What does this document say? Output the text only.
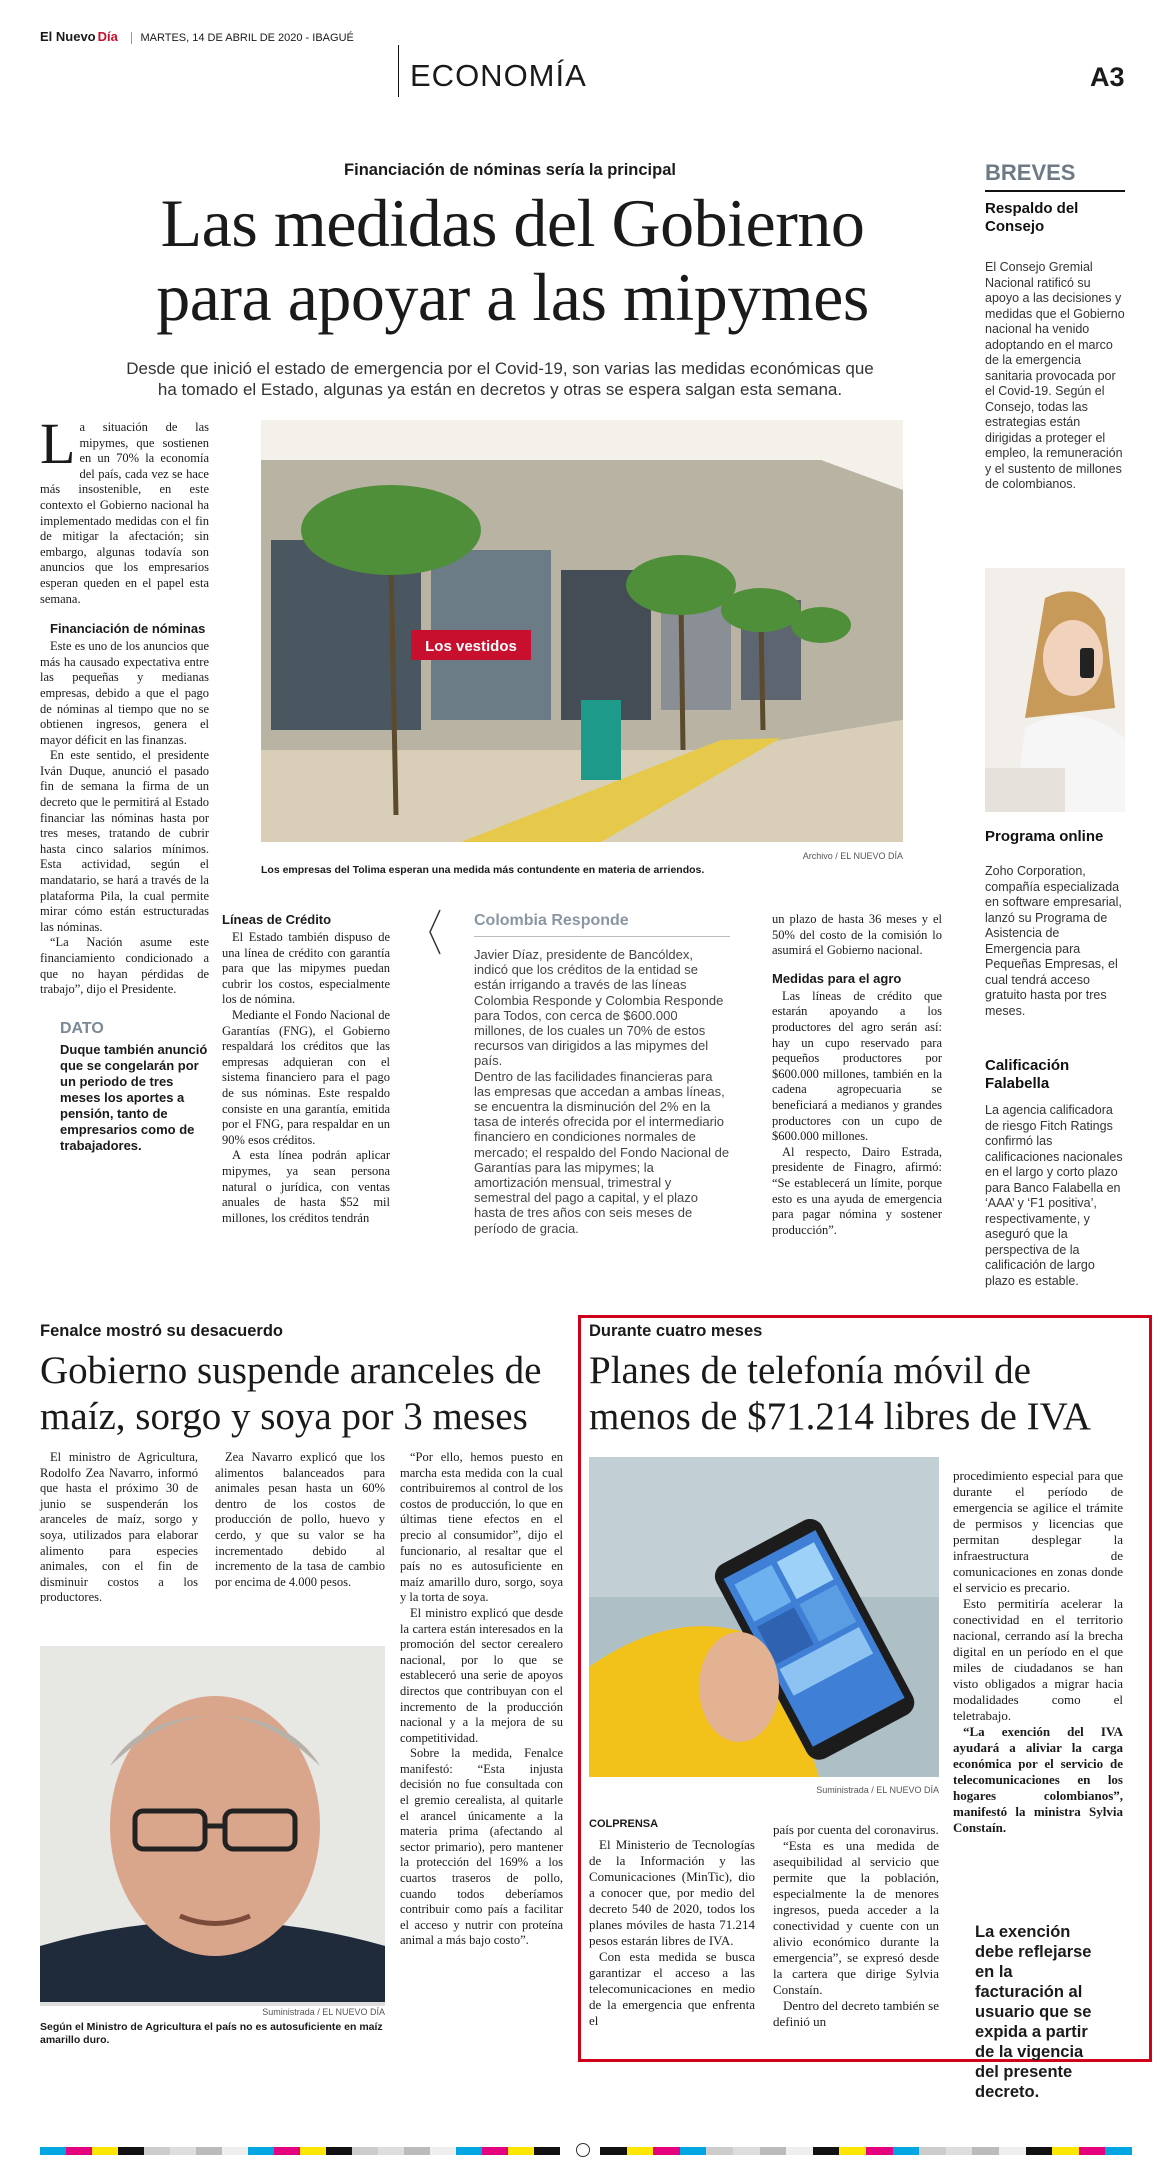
El Nuevo Día MARTES, 14 DE ABRIL DE 2020 - IBAGUÉ
ECONOMÍA	A3
Financiación de nóminas sería la principal
Las medidas del Gobierno
para apoyar a las mipymes
Desde que inició el estado de emergencia por el Covid-19, son varias las medidas económicas que ha tomado el Estado, algunas ya están en decretos y otras se espera salgan esta semana.
L a situación de las mipymes, que sostienen en un 70% la economía del país, cada vez se hace más insostenible, en este contexto el Gobierno nacional ha implementado medidas con el fin de mitigar la afectación; sin embargo, algunas todavía son anuncios que los empresarios esperan queden en el papel esta semana.

Financiación de nóminas

Este es uno de los anuncios que más ha causado expectativa entre las pequeñas y medianas empresas, debido a que el pago de nóminas al tiempo que no se obtienen ingresos, genera el mayor déficit en las finanzas.

En este sentido, el presidente Iván Duque, anunció el pasado fin de semana la firma de un decreto que le permitirá al Estado financiar las nóminas hasta por tres meses, tratando de cubrir hasta cinco salarios mínimos. Esta actividad, según el mandatario, se hará a través de la plataforma Pila, la cual permite mirar cómo están estructuradas las nóminas.

“La Nación asume este financiamiento condicionado a que no hayan pérdidas de trabajo”, dijo el Presidente.

DATO
Duque también anunció que se congelarán por un periodo de tres meses los aportes a pensión, tanto de empresarios como de trabajadores.
Los vestidos
Los empresas del Tolima esperan una medida más contundente en materia de arriendos.
Archivo / EL NUEVO DÍA
Líneas de Crédito

El Estado también dispuso de una línea de crédito con garantía para que las mipymes puedan cubrir los costos, especialmente los de nómina.

Mediante el Fondo Nacional de Garantías (FNG), el Gobierno respaldará los créditos que las empresas adquieran con el sistema financiero para el pago de sus nóminas. Este respaldo consiste en una garantía, emitida por el FNG, para respaldar en un 90% esos créditos.

A esta línea podrán aplicar mipymes, ya sean persona natural o jurídica, con ventas anuales de hasta $52 mil millones, los créditos tendrán

Colombia Responde
Javier Díaz, presidente de Bancóldex, indicó que los créditos de la entidad se están irrigando a través de las líneas Colombia Responde y Colombia Responde para Todos, con cerca de $600.000 millones, de los cuales un 70% de estos recursos van dirigidos a las mipymes del país.
Dentro de las facilidades financieras para las empresas que accedan a ambas líneas, se encuentra la disminución del 2% en la tasa de interés ofrecida por el intermediario financiero en condiciones normales de mercado; el respaldo del Fondo Nacional de Garantías para las mipymes; la amortización mensual, trimestral y semestral del pago a capital, y el plazo hasta de tres años con seis meses de período de gracia.

un plazo de hasta 36 meses y el 50% del costo de la comisión lo asumirá el Gobierno nacional.

Medidas para el agro

Las líneas de crédito que estarán apoyando a los productores del agro serán así: hay un cupo reservado para pequeños productores por $600.000 millones, también en la cadena agropecuaria se beneficiará a medianos y grandes productores con un cupo de $600.000 millones.

Al respecto, Dairo Estrada, presidente de Finagro, afirmó: “Se establecerá un límite, porque esto es una ayuda de emergencia para pagar nómina y sostener producción”.

BREVES
Respaldo del Consejo
El Consejo Gremial Nacional ratificó su apoyo a las decisiones y medidas que el Gobierno nacional ha venido adoptando en el marco de la emergencia sanitaria provocada por el Covid-19. Según el Consejo, todas las estrategias están dirigidas a proteger el empleo, la remuneración y el sustento de millones de colombianos.
Programa online
Zoho Corporation, compañía especializada en software empresarial, lanzó su Programa de Asistencia de Emergencia para Pequeñas Empresas, el cual tendrá acceso gratuito hasta por tres meses.
Calificación Falabella
La agencia calificadora de riesgo Fitch Ratings confirmó las calificaciones nacionales en el largo y corto plazo para Banco Falabella en ‘AAA’ y ‘F1 positiva’, respectivamente, y aseguró que la perspectiva de la calificación de largo plazo es estable.
Fenalce mostró su desacuerdo
Gobierno suspende aranceles de maíz, sorgo y soya por 3 meses

El ministro de Agricultura, Rodolfo Zea Navarro, informó que hasta el próximo 30 de junio se suspenderán los aranceles de maíz, sorgo y soya, utilizados para elaborar alimento para especies animales, con el fin de disminuir costos a los productores.

Zea Navarro explicó que los alimentos balanceados para animales pesan hasta un 60% dentro de los costos de producción de pollo, huevo y cerdo, y que su valor se ha incrementado debido al incremento de la tasa de cambio por encima de 4.000 pesos.

“Por ello, hemos puesto en marcha esta medida con la cual contribuiremos al control de los costos de producción, lo que en últimas tiene efectos en el precio al consumidor”, dijo el funcionario, al resaltar que el país no es autosuficiente en maíz amarillo duro, sorgo, soya y la torta de soya.

El ministro explicó que desde la cartera están interesados en la promoción del sector cerealero nacional, por lo que se estableceró una serie de apoyos directos que contribuyan con el incremento de la producción nacional y a la mejora de su competitividad.

Sobre la medida, Fenalce manifestó: “Esta injusta decisión no fue consultada con el gremio cerealista, al quitarle el arancel únicamente a la materia prima (afectando al sector primario), pero mantener la protección del 169% a los cuartos traseros de pollo, cuando todos deberíamos contribuir como país a facilitar el acceso y nutrir con proteína animal a más bajo costo”.

Suministrada / EL NUEVO DÍA
Según el Ministro de Agricultura el país no es autosuficiente en maíz amarillo duro.
Durante cuatro meses
Planes de telefonía móvil de menos de $71.214 libres de IVA
Suministrada / EL NUEVO DÍA
COLPRENSA

El Ministerio de Tecnologías de la Información y las Comunicaciones (MinTic), dio a conocer que, por medio del decreto 540 de 2020, todos los planes móviles de hasta 71.214 pesos estarán libres de IVA.

Con esta medida se busca garantizar el acceso a las telecomunicaciones en medio de la emergencia que enfrenta el

país por cuenta del coronavirus.

“Esta es una medida de asequibilidad al servicio que permite que la población, especialmente la de menores ingresos, pueda acceder a la conectividad y cuente con un alivio económico durante la emergencia”, se expresó desde la cartera que dirige Sylvia Constaín.

Dentro del decreto también se definió un

procedimiento especial para que durante el período de emergencia se agilice el trámite de permisos y licencias que permitan desplegar la infraestructura de comunicaciones en zonas donde el servicio es precario.

Esto permitiría acelerar la conectividad en el territorio nacional, cerrando así la brecha digital en un período en el que miles de ciudadanos se han visto obligados a migrar hacia modalidades como el teletrabajo.

“La exención del IVA ayudará a aliviar la carga económica por el servicio de telecomunicaciones en los hogares colombianos”, manifestó la ministra Sylvia Constaín.

La exención debe reflejarse en la facturación al usuario que se expida a partir de la vigencia del presente decreto.
